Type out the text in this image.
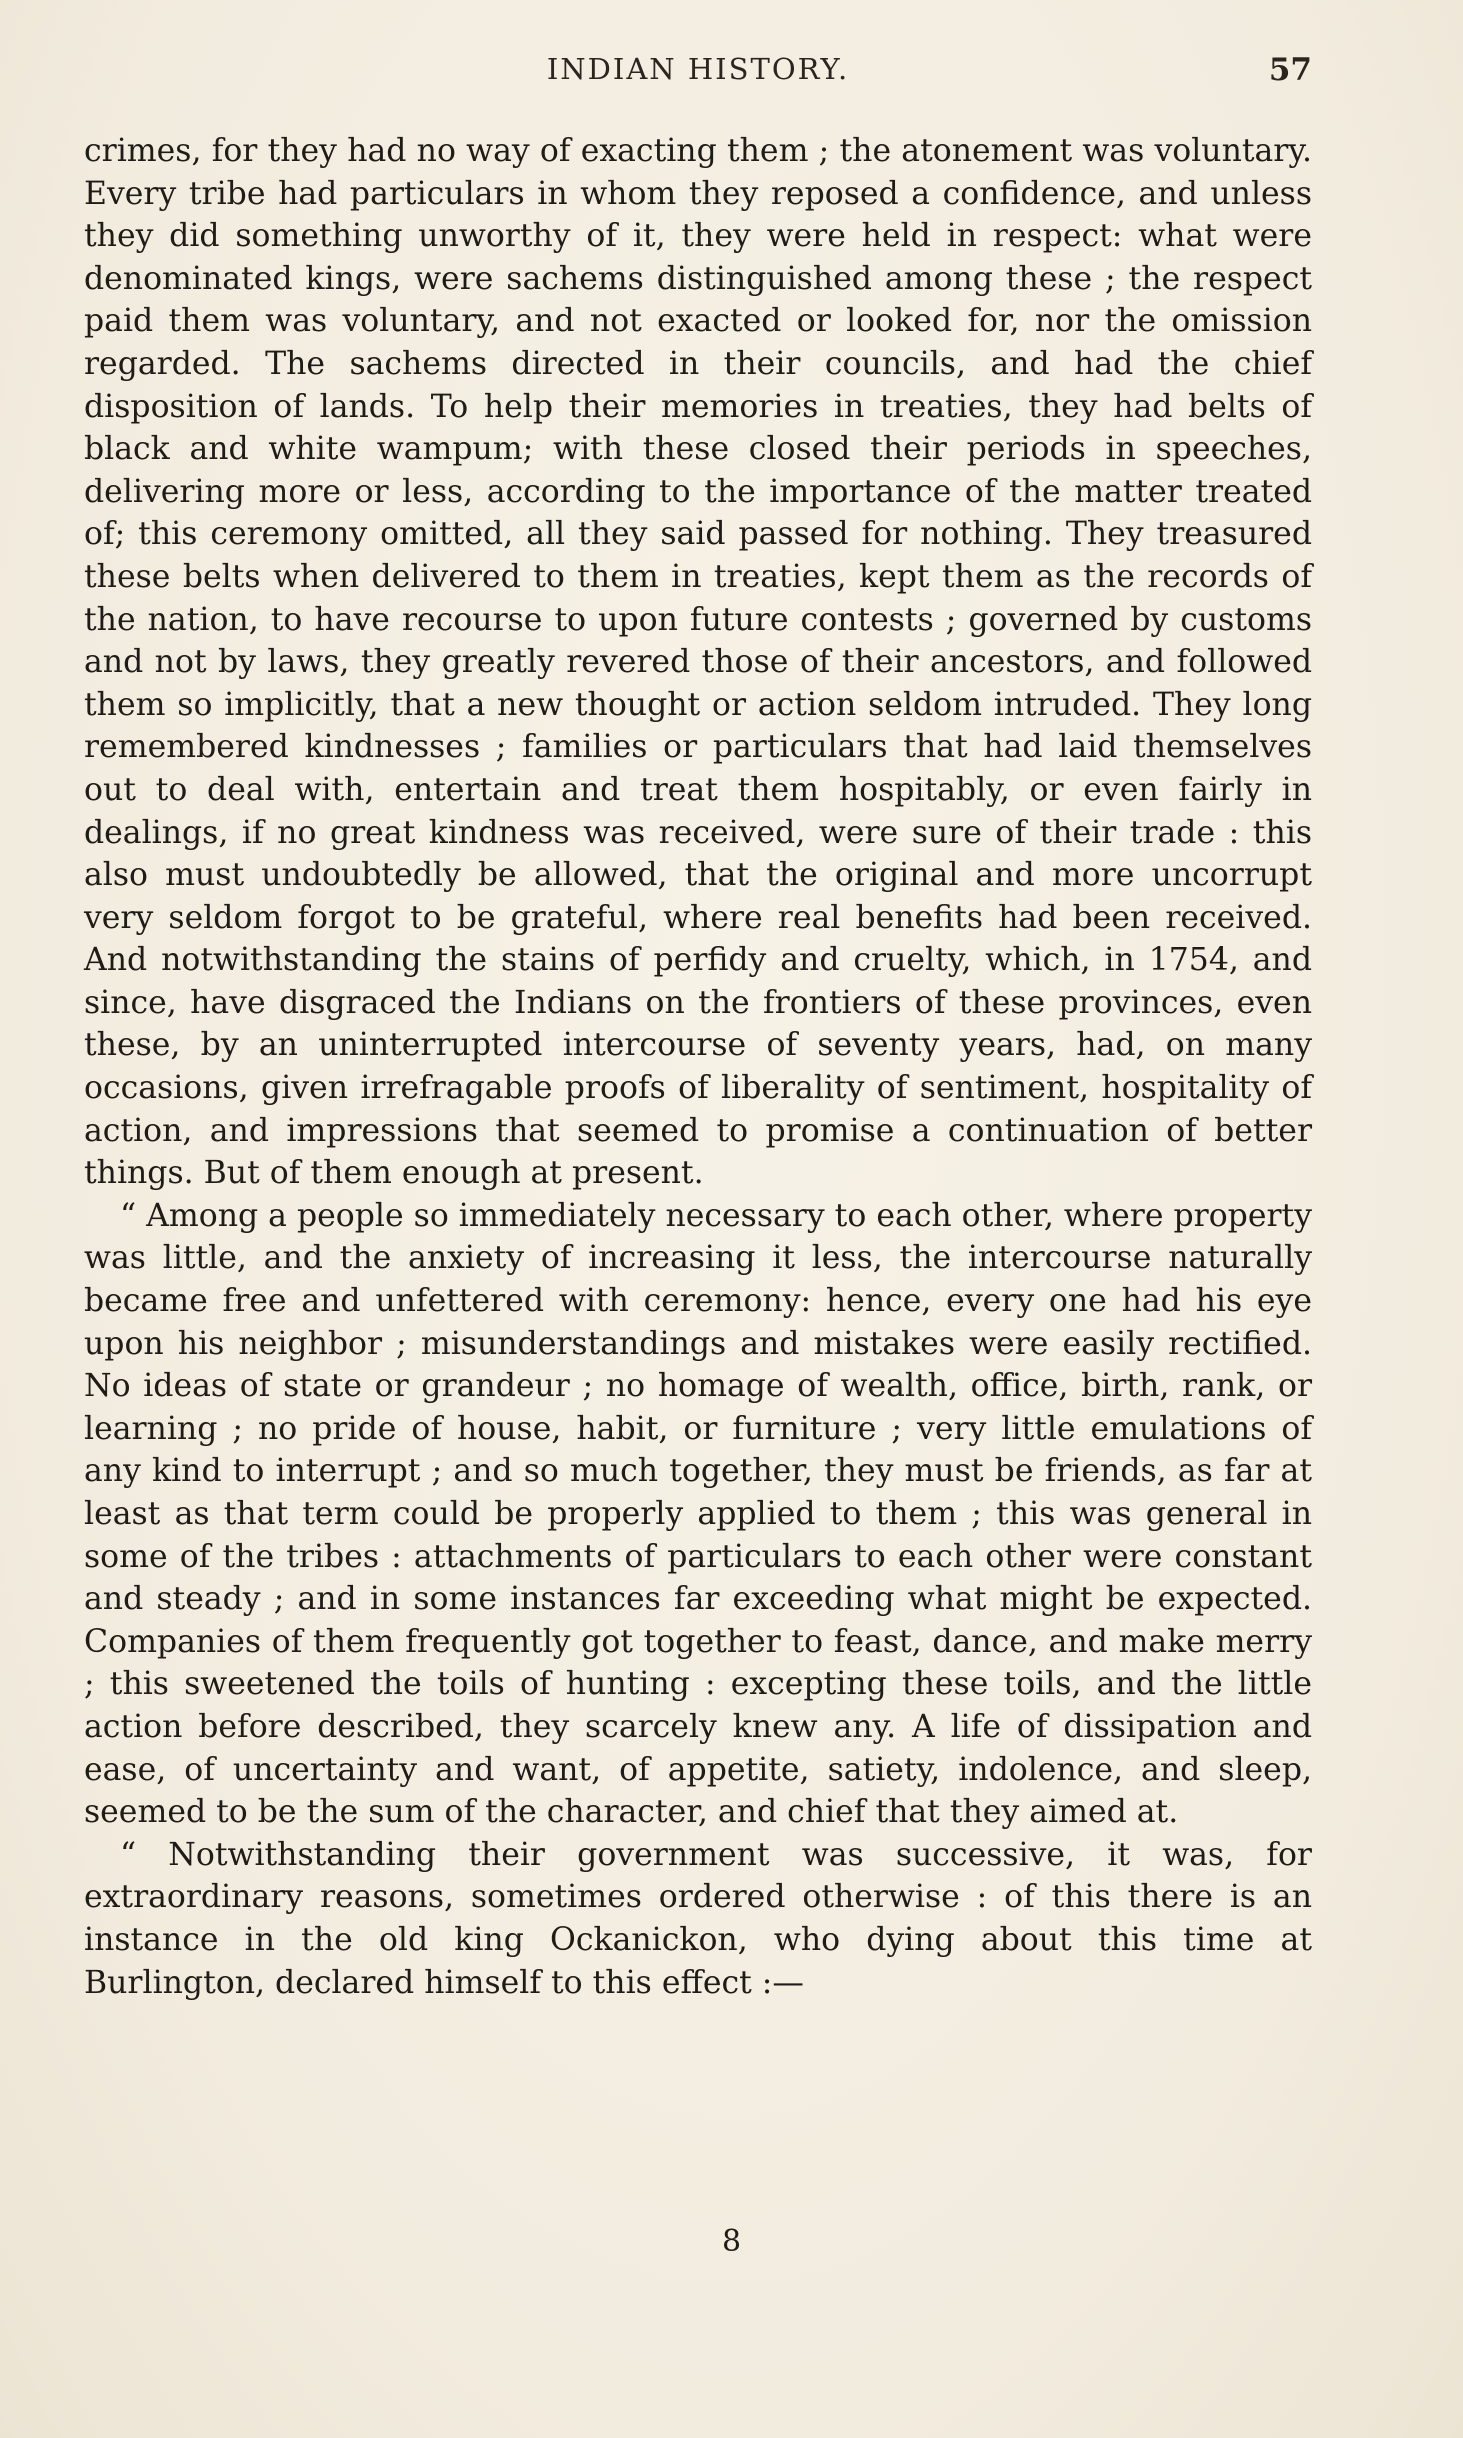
INDIAN HISTORY.	57

crimes, for they had no way of exacting them ; the atonement was voluntary. Every tribe had particulars in whom they reposed a confidence, and unless they did something unworthy of it, they were held in respect: what were denominated kings, were sachems distinguished among these ; the respect paid them was voluntary, and not exacted or looked for, nor the omission regarded. The sachems directed in their councils, and had the chief disposition of lands. To help their memories in treaties, they had belts of black and white wampum; with these closed their periods in speeches, delivering more or less, according to the importance of the matter treated of; this ceremony omitted, all they said passed for nothing. They treasured these belts when delivered to them in treaties, kept them as the records of the nation, to have recourse to upon future contests ; governed by customs and not by laws, they greatly revered those of their ancestors, and followed them so implicitly, that a new thought or action seldom intruded. They long remembered kindnesses ; families or particulars that had laid themselves out to deal with, entertain and treat them hospitably, or even fairly in dealings, if no great kindness was received, were sure of their trade : this also must undoubtedly be allowed, that the original and more uncorrupt very seldom forgot to be grateful, where real benefits had been received. And notwithstanding the stains of perfidy and cruelty, which, in 1754, and since, have disgraced the Indians on the frontiers of these provinces, even these, by an uninterrupted intercourse of seventy years, had, on many occasions, given irrefragable proofs of liberality of sentiment, hospitality of action, and impressions that seemed to promise a continuation of better things. But of them enough at present.

“ Among a people so immediately necessary to each other, where property was little, and the anxiety of increasing it less, the intercourse naturally became free and unfettered with ceremony: hence, every one had his eye upon his neighbor ; misunderstandings and mistakes were easily rectified. No ideas of state or grandeur ; no homage of wealth, office, birth, rank, or learning ; no pride of house, habit, or furniture ; very little emulations of any kind to interrupt ; and so much together, they must be friends, as far at least as that term could be properly applied to them ; this was general in some of the tribes : attachments of particulars to each other were constant and steady ; and in some instances far exceeding what might be expected. Companies of them frequently got together to feast, dance, and make merry ; this sweetened the toils of hunting : excepting these toils, and the little action before described, they scarcely knew any. A life of dissipation and ease, of uncertainty and want, of appetite, satiety, indolence, and sleep, seemed to be the sum of the character, and chief that they aimed at.

“ Notwithstanding their government was successive, it was, for extraordinary reasons, sometimes ordered otherwise : of this there is an instance in the old king Ockanickon, who dying about this time at Burlington, declared himself to this effect :—

8
